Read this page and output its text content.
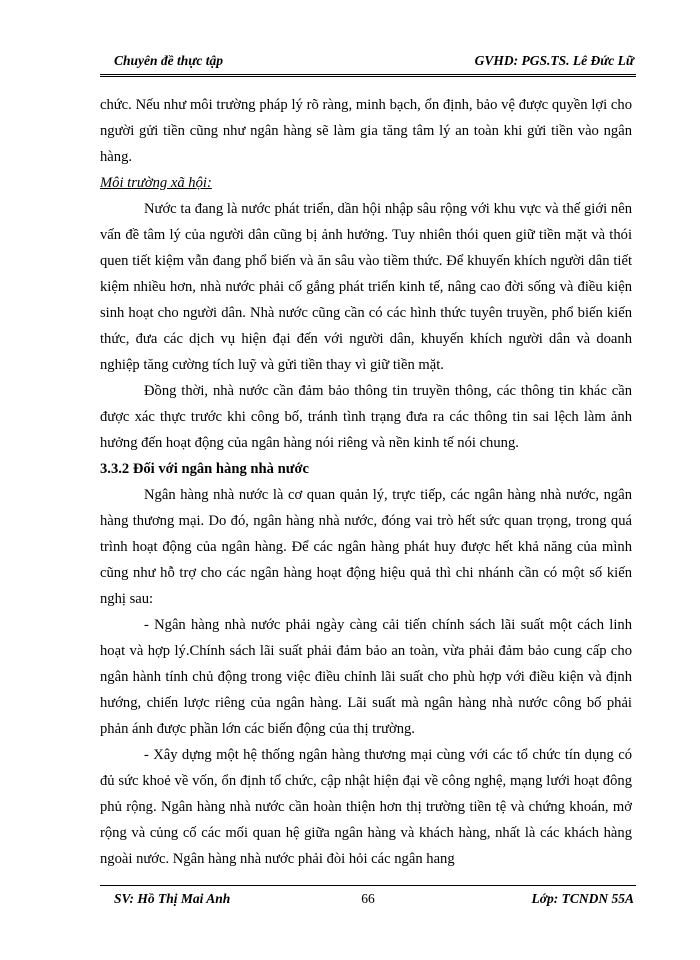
Chuyên đề thực tập	GVHD: PGS.TS. Lê Đức Lữ

chức. Nếu như môi trường pháp lý rõ ràng, minh bạch, ổn định, bảo vệ được quyền lợi cho người gửi tiền cũng như ngân hàng sẽ làm gia tăng tâm lý an toàn khi gửi tiền vào ngân hàng.

Môi trường xã hội:

Nước ta đang là nước phát triển, dần hội nhập sâu rộng với khu vực và thế giới nên vấn đề tâm lý của người dân cũng bị ảnh hưởng. Tuy nhiên thói quen giữ tiền mặt và thói quen tiết kiệm vẫn đang phổ biến và ăn sâu vào tiềm thức. Để khuyến khích người dân tiết kiệm nhiều hơn, nhà nước phải cố gắng phát triển kinh tế, nâng cao đời sống và điều kiện sinh hoạt cho người dân. Nhà nước cũng cần có các hình thức tuyên truyền, phổ biến kiến thức, đưa các dịch vụ hiện đại đến với người dân, khuyến khích người dân và doanh nghiệp tăng cường tích luỹ và gửi tiền thay vì giữ tiền mặt.

Đồng thời, nhà nước cần đảm bảo thông tin truyền thông, các thông tin khác cần được xác thực trước khi công bố, tránh tình trạng đưa ra các thông tin sai lệch làm ảnh hưởng đến hoạt động của ngân hàng nói riêng và nền kinh tế nói chung.

3.3.2 Đối với ngân hàng nhà nước

Ngân hàng nhà nước là cơ quan quản lý, trực tiếp, các ngân hàng nhà nước, ngân hàng thương mại. Do đó, ngân hàng nhà nước, đóng vai trò hết sức quan trọng, trong quá trình hoạt động của ngân hàng. Để các ngân hàng phát huy được hết khả năng của mình cũng như hỗ trợ cho các ngân hàng hoạt động hiệu quả thì chi nhánh cần có một số kiến nghị sau:

- Ngân hàng nhà nước phải ngày càng cải tiến chính sách lãi suất một cách linh hoạt và hợp lý.Chính sách lãi suất phải đảm bảo an toàn, vừa phải đảm bảo cung cấp cho ngân hành tính chủ động trong việc điều chỉnh lãi suất cho phù hợp với điều kiện và định hướng, chiến lược riêng của ngân hàng. Lãi suất mà ngân hàng nhà nước công bố phải phản ánh được phần lớn các biến động của thị trường.

- Xây dựng một hệ thống ngân hàng thương mại cùng với các tổ chức tín dụng có đủ sức khoẻ về vốn, ổn định tổ chức, cập nhật hiện đại về công nghệ, mạng lưới hoạt đông phủ rộng. Ngân hàng nhà nước cần hoàn thiện hơn thị trường tiền tệ và chứng khoán, mở rộng và củng cố các mối quan hệ giữa ngân hàng và khách hàng, nhất là các khách hàng ngoài nước. Ngân hàng nhà nước phải đòi hỏi các ngân hang

SV: Hồ Thị Mai Anh	66	Lớp: TCNDN 55A
